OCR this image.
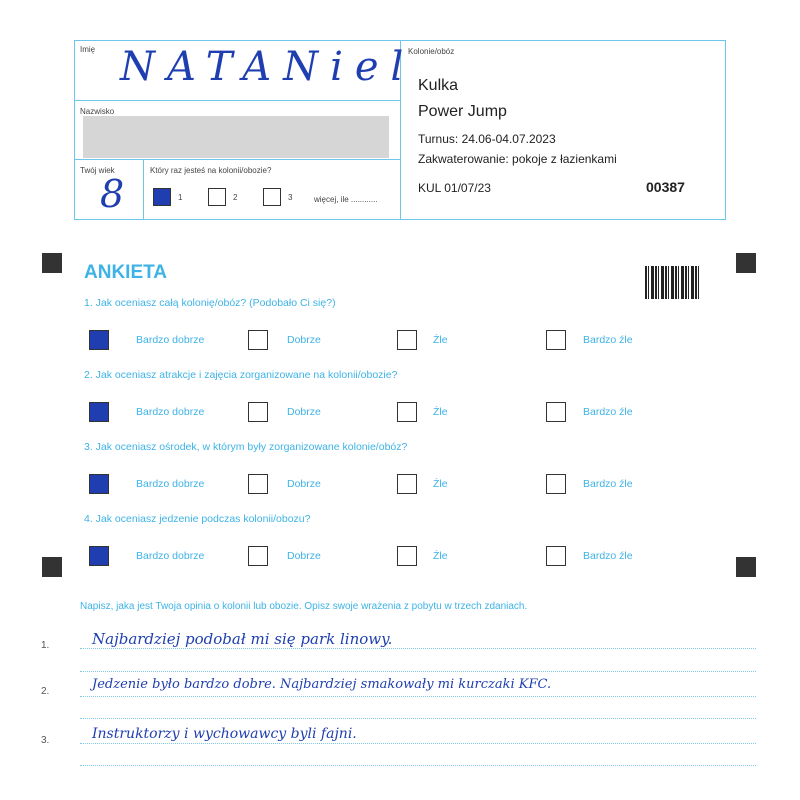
Imię NATANiel
Nazwisko
Twój wiek
8
Który raz jesteś na kolonii/obozie?
1	2	3	więcej, ile ............
Kolonie/obóz
Kulka
Power Jump
Turnus: 24.06-04.07.2023
Zakwaterowanie: pokoje z łazienkami
KUL 01/07/23	00387
ANKIETA
1. Jak oceniasz całą kolonię/obóz? (Podobało Ci się?)
Bardzo dobrze	Dobrze	Źle	Bardzo źle
2. Jak oceniasz atrakcje i zajęcia zorganizowane na kolonii/obozie?
Bardzo dobrze	Dobrze	Źle	Bardzo źle
3. Jak oceniasz ośrodek, w którym były zorganizowane kolonie/obóz?
Bardzo dobrze	Dobrze	Źle	Bardzo źle
4. Jak oceniasz jedzenie podczas kolonii/obozu?
Bardzo dobrze	Dobrze	Źle	Bardzo źle
Napisz, jaka jest Twoja opinia o kolonii lub obozie. Opisz swoje wrażenia z pobytu w trzech zdaniach.
1.	Najbardziej podobał mi się park linowy.
2.	Jedzenie było bardzo dobre. Najbardziej smakowały mi kurczaki KFC.
3.	Instruktorzy i wychowawcy byli fajni.
